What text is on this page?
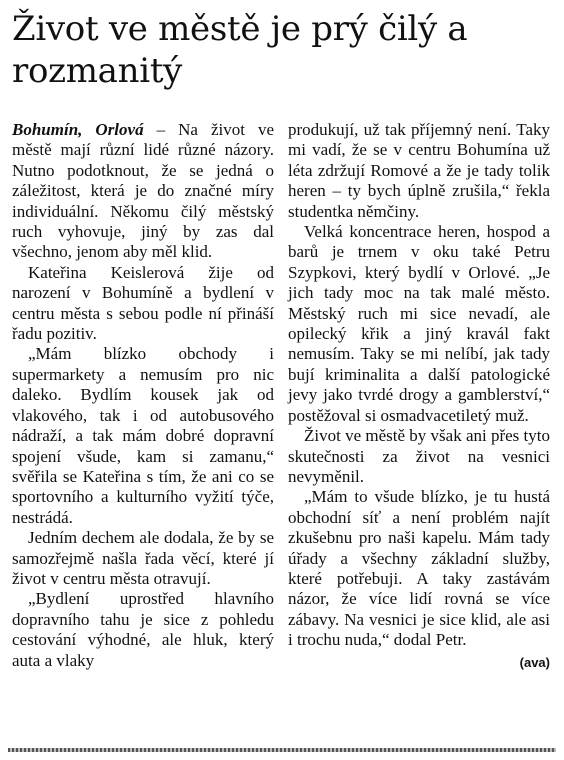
Život ve městě je prý čilý a rozmanitý

Bohumín, Orlová – Na život ve městě mají různí lidé různé názory. Nutno podotknout, že se jedná o záležitost, která je do značné míry individuální. Někomu čilý městský ruch vyhovuje, jiný by zas dal všechno, jenom aby měl klid.

Kateřina Keislerová žije od narození v Bohumíně a bydlení v centru města s sebou podle ní přináší řadu pozitiv.

„Mám blízko obchody i supermarkety a nemusím pro nic daleko. Bydlím kousek jak od vlakového, tak i od autobusového nádraží, a tak mám dobré dopravní spojení všude, kam si zamanu,“ svěřila se Kateřina s tím, že ani co se sportovního a kulturního vyžití týče, nestrádá.

Jedním dechem ale dodala, že by se samozřejmě našla řada věcí, které jí život v centru města otravují.

„Bydlení uprostřed hlavního dopravního tahu je sice z pohledu cestování výhodné, ale hluk, který auta a vlaky

produkují, už tak příjemný není. Taky mi vadí, že se v centru Bohumína už léta zdržují Romové a že je tady tolik heren – ty bych úplně zrušila,“ řekla studentka němčiny.

Velká koncentrace heren, hospod a barů je trnem v oku také Petru Szypkovi, který bydlí v Orlové. „Je jich tady moc na tak malé město. Městský ruch mi sice nevadí, ale opilecký křik a jiný kravál fakt nemusím. Taky se mi nelíbí, jak tady bují kriminalita a další patologické jevy jako tvrdé drogy a gamblerství,“ postěžoval si osmadvacetiletý muž.

Život ve městě by však ani přes tyto skutečnosti za život na vesnici nevyměnil.

„Mám to všude blízko, je tu hustá obchodní síť a není problém najít zkušebnu pro naši kapelu. Mám tady úřady a všechny základní služby, které potřebuji. A taky zastávám názor, že více lidí rovná se více zábavy. Na vesnici je sice klid, ale asi i trochu nuda,“ dodal Petr.

(ava)
